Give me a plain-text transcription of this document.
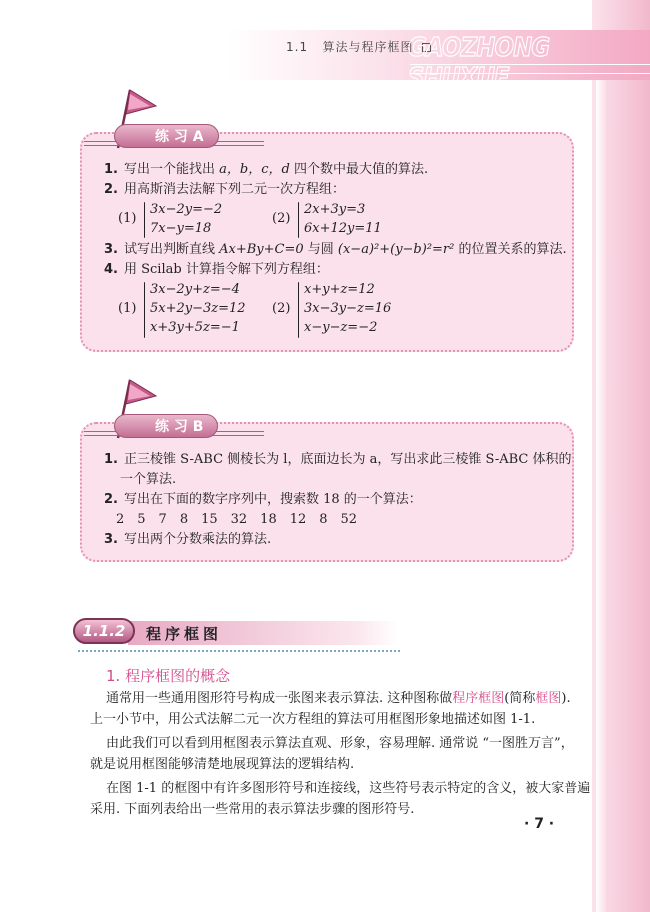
1.1 算法与程序框图
GAOZHONG SHUXUE
练 习 A
1. 写出一个能找出 a，b，c，d 四个数中最大值的算法.
2. 用高斯消去法解下列二元一次方程组：
(1)
3x−2y=−2
7x−y=18
(2)
2x+3y=3
6x+12y=11
3. 试写出判断直线 Ax+By+C=0 与圆 (x−a)²+(y−b)²=r² 的位置关系的算法.
4. 用 Scilab 计算指令解下列方程组：
(1)
3x−2y+z=−4
5x+2y−3z=12
x+3y+5z=−1
(2)
x+y+z=12
3x−3y−z=16
x−y−z=−2
练 习 B
1. 正三棱锥 S-ABC 侧棱长为 l，底面边长为 a，写出求此三棱锥 S-ABC 体积的
一个算法.
2. 写出在下面的数字序列中，搜索数 18 的一个算法：
2　5　7　8　15　32　18　12　8　52
3. 写出两个分数乘法的算法.
1.1.2	程序框图
1. 程序框图的概念
通常用一些通用图形符号构成一张图来表示算法. 这种图称做程序框图(简称框图).
上一小节中，用公式法解二元一次方程组的算法可用框图形象地描述如图 1-1.
由此我们可以看到用框图表示算法直观、形象，容易理解. 通常说 “一图胜万言”，
就是说用框图能够清楚地展现算法的逻辑结构.
在图 1-1 的框图中有许多图形符号和连接线，这些符号表示特定的含义，被大家普遍
采用. 下面列表给出一些常用的表示算法步骤的图形符号.
· 7 ·
